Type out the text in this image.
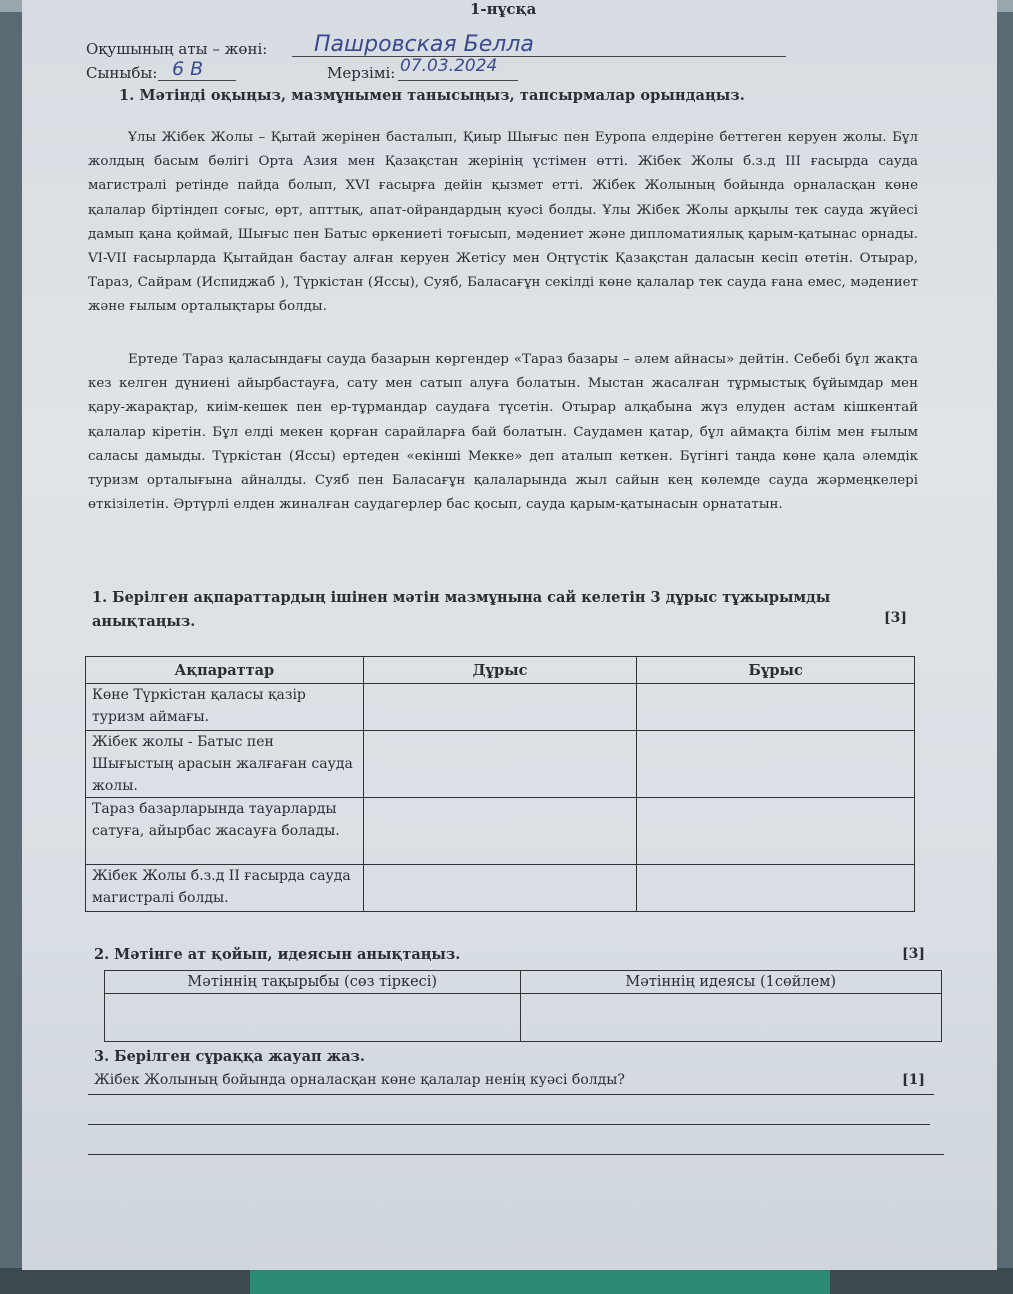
1-нұсқа
Оқушының аты – жөні: Пашровская Белла
Сыныбы: 6 В	Мерзімі: 07.03.2024
1. Мәтінді оқыңыз, мазмұнымен танысыңыз, тапсырмалар орындаңыз.
Ұлы Жібек Жолы – Қытай жерінен басталып, Қиыр Шығыс пен Еуропа елдеріне беттеген керуен жолы. Бұл жолдың басым бөлігі Орта Азия мен Қазақстан жерінің үстімен өтті. Жібек Жолы б.з.д ІІІ ғасырда сауда магистралі ретінде пайда болып, XVI ғасырға дейін қызмет етті. Жібек Жолының бойында орналасқан көне қалалар біртіндеп соғыс, өрт, апттық, апат-ойрандардың куәсі болды. Ұлы Жібек Жолы арқылы тек сауда жүйесі дамып қана қоймай, Шығыс пен Батыс өркениеті тоғысып, мәдениет және дипломатиялық қарым-қатынас орнады. VI-VII ғасырларда Қытайдан бастау алған керуен Жетісу мен Оңтүстік Қазақстан даласын кесіп өтетін. Отырар, Тараз, Сайрам (Испиджаб ), Түркістан (Яссы), Суяб, Баласағұн секілді көне қалалар тек сауда ғана емес, мәдениет және ғылым орталықтары болды.
Ертеде Тараз қаласындағы сауда базарын көргендер «Тараз базары – әлем айнасы» дейтін. Себебі бұл жақта кез келген дүниені айырбастауға, сату мен сатып алуға болатын. Мыстан жасалған тұрмыстық бұйымдар мен қару-жарақтар, киім-кешек пен ер-тұрмандар саудаға түсетін. Отырар алқабына жүз елуден астам кішкентай қалалар кіретін. Бұл елді мекен қорған сарайларға бай болатын. Саудамен қатар, бұл аймақта білім мен ғылым саласы дамыды. Түркістан (Яссы) ертеден «екінші Мекке» деп аталып кеткен. Бүгінгі таңда көне қала әлемдік туризм орталығына айналды. Суяб пен Баласағұн қалаларында жыл сайын кең көлемде сауда жәрмеңкелері өткізілетін. Әртүрлі елден жиналған саудагерлер бас қосып, сауда қарым-қатынасын орнататын.
1. Берілген ақпараттардың ішінен мәтін мазмұнына сай келетін 3 дұрыс тұжырымды анықтаңыз.	[3]
Ақпараттар	Дұрыс	Бұрыс
Көне Түркістан қаласы қазір туризм аймағы.		
Жібек жолы - Батыс пен Шығыстың арасын жалғаған сауда жолы.		
Тараз базарларында тауарларды сатуға, айырбас жасауға болады.		
Жібек Жолы б.з.д ІІ ғасырда сауда магистралі болды.		
2. Мәтінге ат қойып, идеясын анықтаңыз.	[3]
Мәтіннің тақырыбы (сөз тіркесі)	Мәтіннің идеясы (1сөйлем)

3. Берілген сұраққа жауап жаз.
Жібек Жолының бойында орналасқан көне қалалар ненің куәсі болды?	[1]
